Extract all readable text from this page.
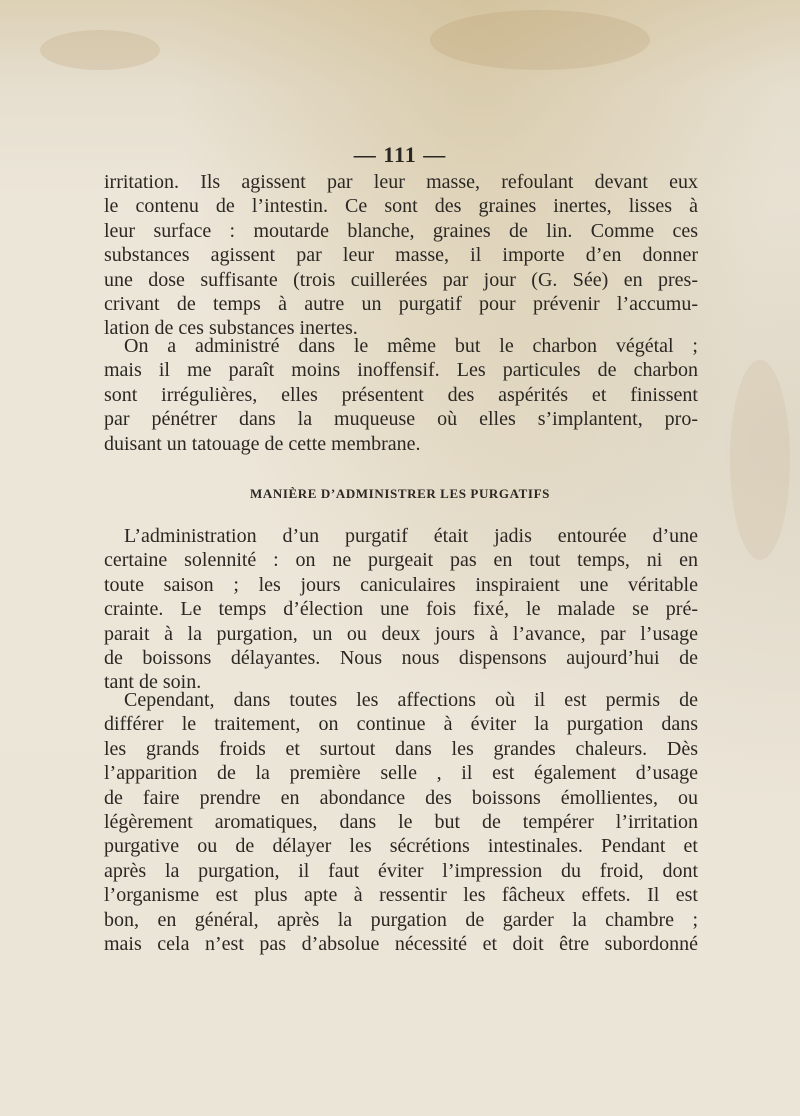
— 111 —
irritation. Ils agissent par leur masse, refoulant devant eux
le contenu de l’intestin. Ce sont des graines inertes, lisses à
leur surface : moutarde blanche, graines de lin. Comme ces
substances agissent par leur masse, il importe d’en donner
une dose suffisante (trois cuillerées par jour (G. Sée) en pres-
crivant de temps à autre un purgatif pour prévenir l’accumu-
lation de ces substances inertes.
On a administré dans le même but le charbon végétal ;
mais il me paraît moins inoffensif. Les particules de charbon
sont irrégulières, elles présentent des aspérités et finissent
par pénétrer dans la muqueuse où elles s’implantent, pro-
duisant un tatouage de cette membrane.
MANIÈRE D’ADMINISTRER LES PURGATIFS
L’administration d’un purgatif était jadis entourée d’une
certaine solennité : on ne purgeait pas en tout temps, ni en
toute saison ; les jours caniculaires inspiraient une véritable
crainte. Le temps d’élection une fois fixé, le malade se pré-
parait à la purgation, un ou deux jours à l’avance, par l’usage
de boissons délayantes. Nous nous dispensons aujourd’hui de
tant de soin.
Cependant, dans toutes les affections où il est permis de
différer le traitement, on continue à éviter la purgation dans
les grands froids et surtout dans les grandes chaleurs. Dès
l’apparition de la première selle , il est également d’usage
de faire prendre en abondance des boissons émollientes, ou
légèrement aromatiques, dans le but de tempérer l’irritation
purgative ou de délayer les sécrétions intestinales. Pendant et
après la purgation, il faut éviter l’impression du froid, dont
l’organisme est plus apte à ressentir les fâcheux effets. Il est
bon, en général, après la purgation de garder la chambre ;
mais cela n’est pas d’absolue nécessité et doit être subordonné
